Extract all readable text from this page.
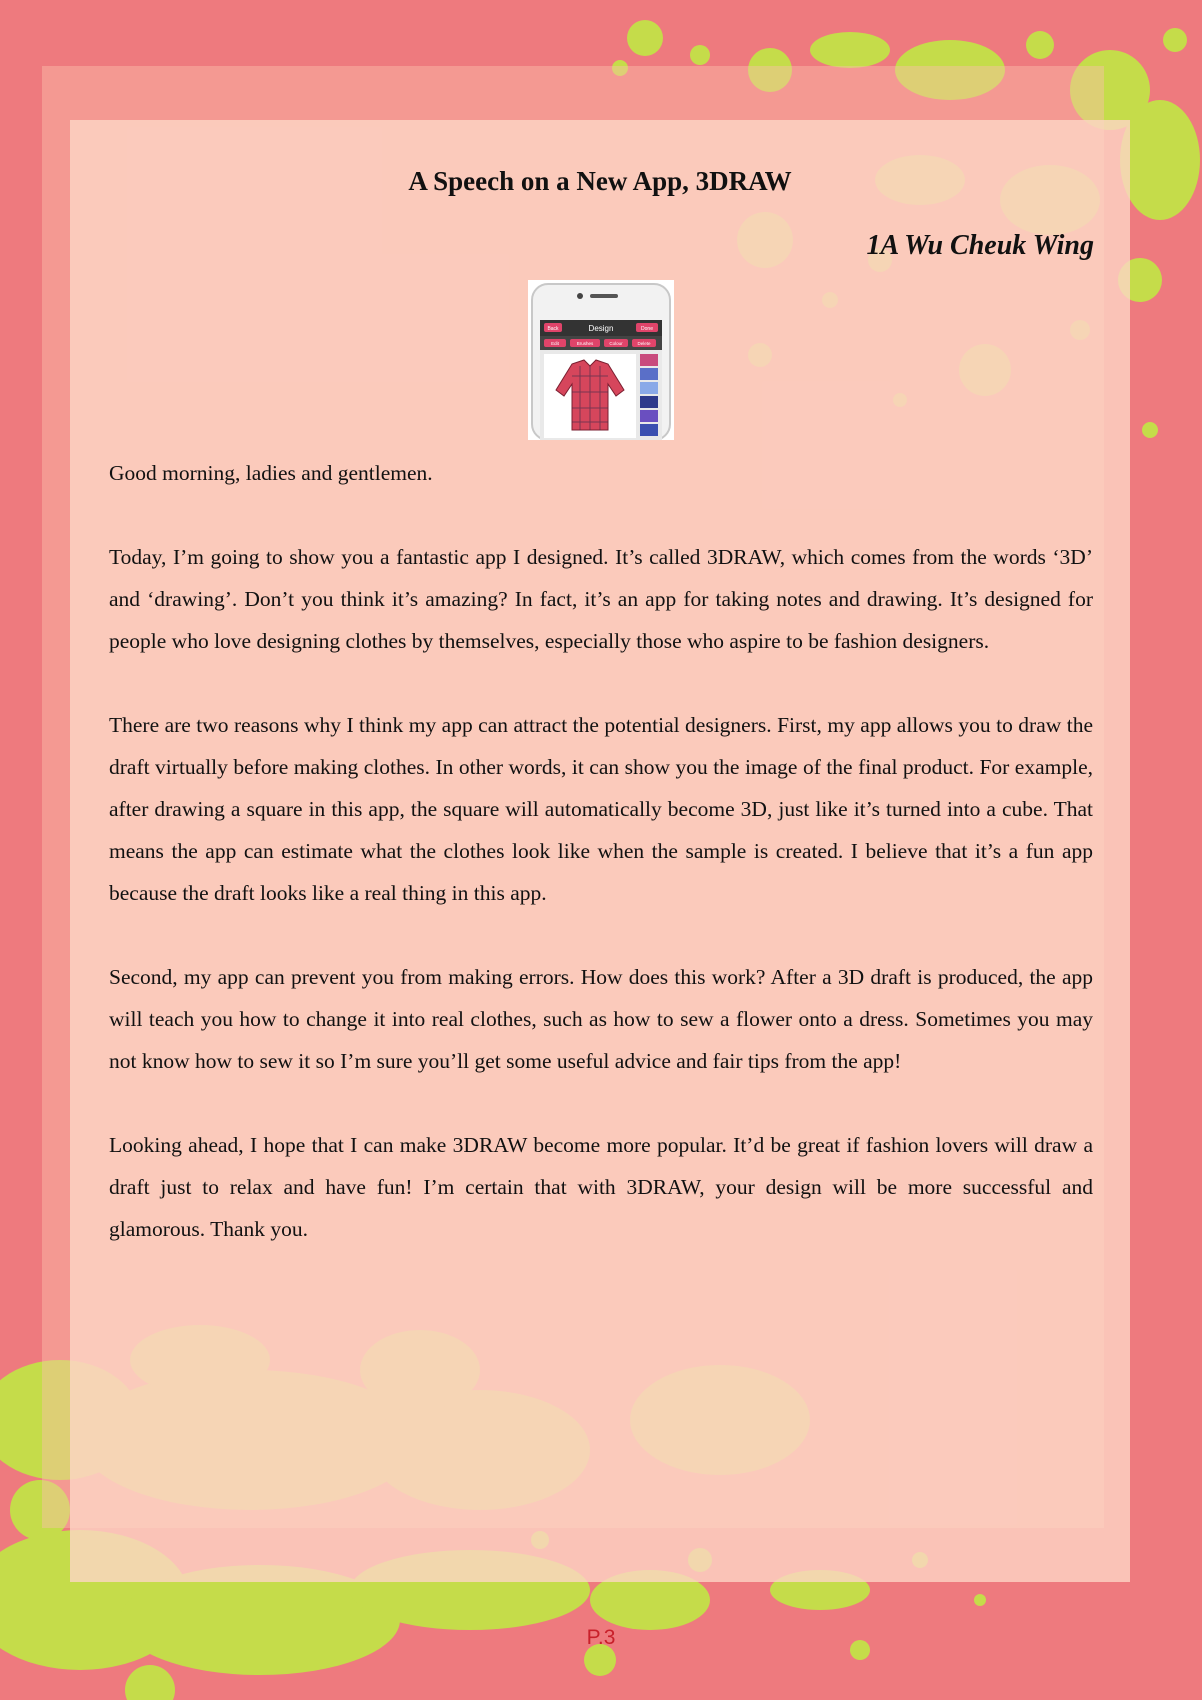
A Speech on a New App, 3DRAW
1A Wu Cheuk Wing
Back	Design	Done
Edit	Brushes	Colour	Delete

Good morning, ladies and gentlemen.

Today, I’m going to show you a fantastic app I designed. It’s called 3DRAW, which comes from the words ‘3D’ and ‘drawing’. Don’t you think it’s amazing? In fact, it’s an app for taking notes and drawing. It’s designed for people who love designing clothes by themselves, especially those who aspire to be fashion designers.

There are two reasons why I think my app can attract the potential designers. First, my app allows you to draw the draft virtually before making clothes. In other words, it can show you the image of the final product. For example, after drawing a square in this app, the square will automatically become 3D, just like it’s turned into a cube. That means the app can estimate what the clothes look like when the sample is created. I believe that it’s a fun app because the draft looks like a real thing in this app.

Second, my app can prevent you from making errors. How does this work? After a 3D draft is produced, the app will teach you how to change it into real clothes, such as how to sew a flower onto a dress. Sometimes you may not know how to sew it so I’m sure you’ll get some useful advice and fair tips from the app!

Looking ahead, I hope that I can make 3DRAW become more popular. It’d be great if fashion lovers will draw a draft just to relax and have fun! I’m certain that with 3DRAW, your design will be more successful and glamorous. Thank you.

P.3
